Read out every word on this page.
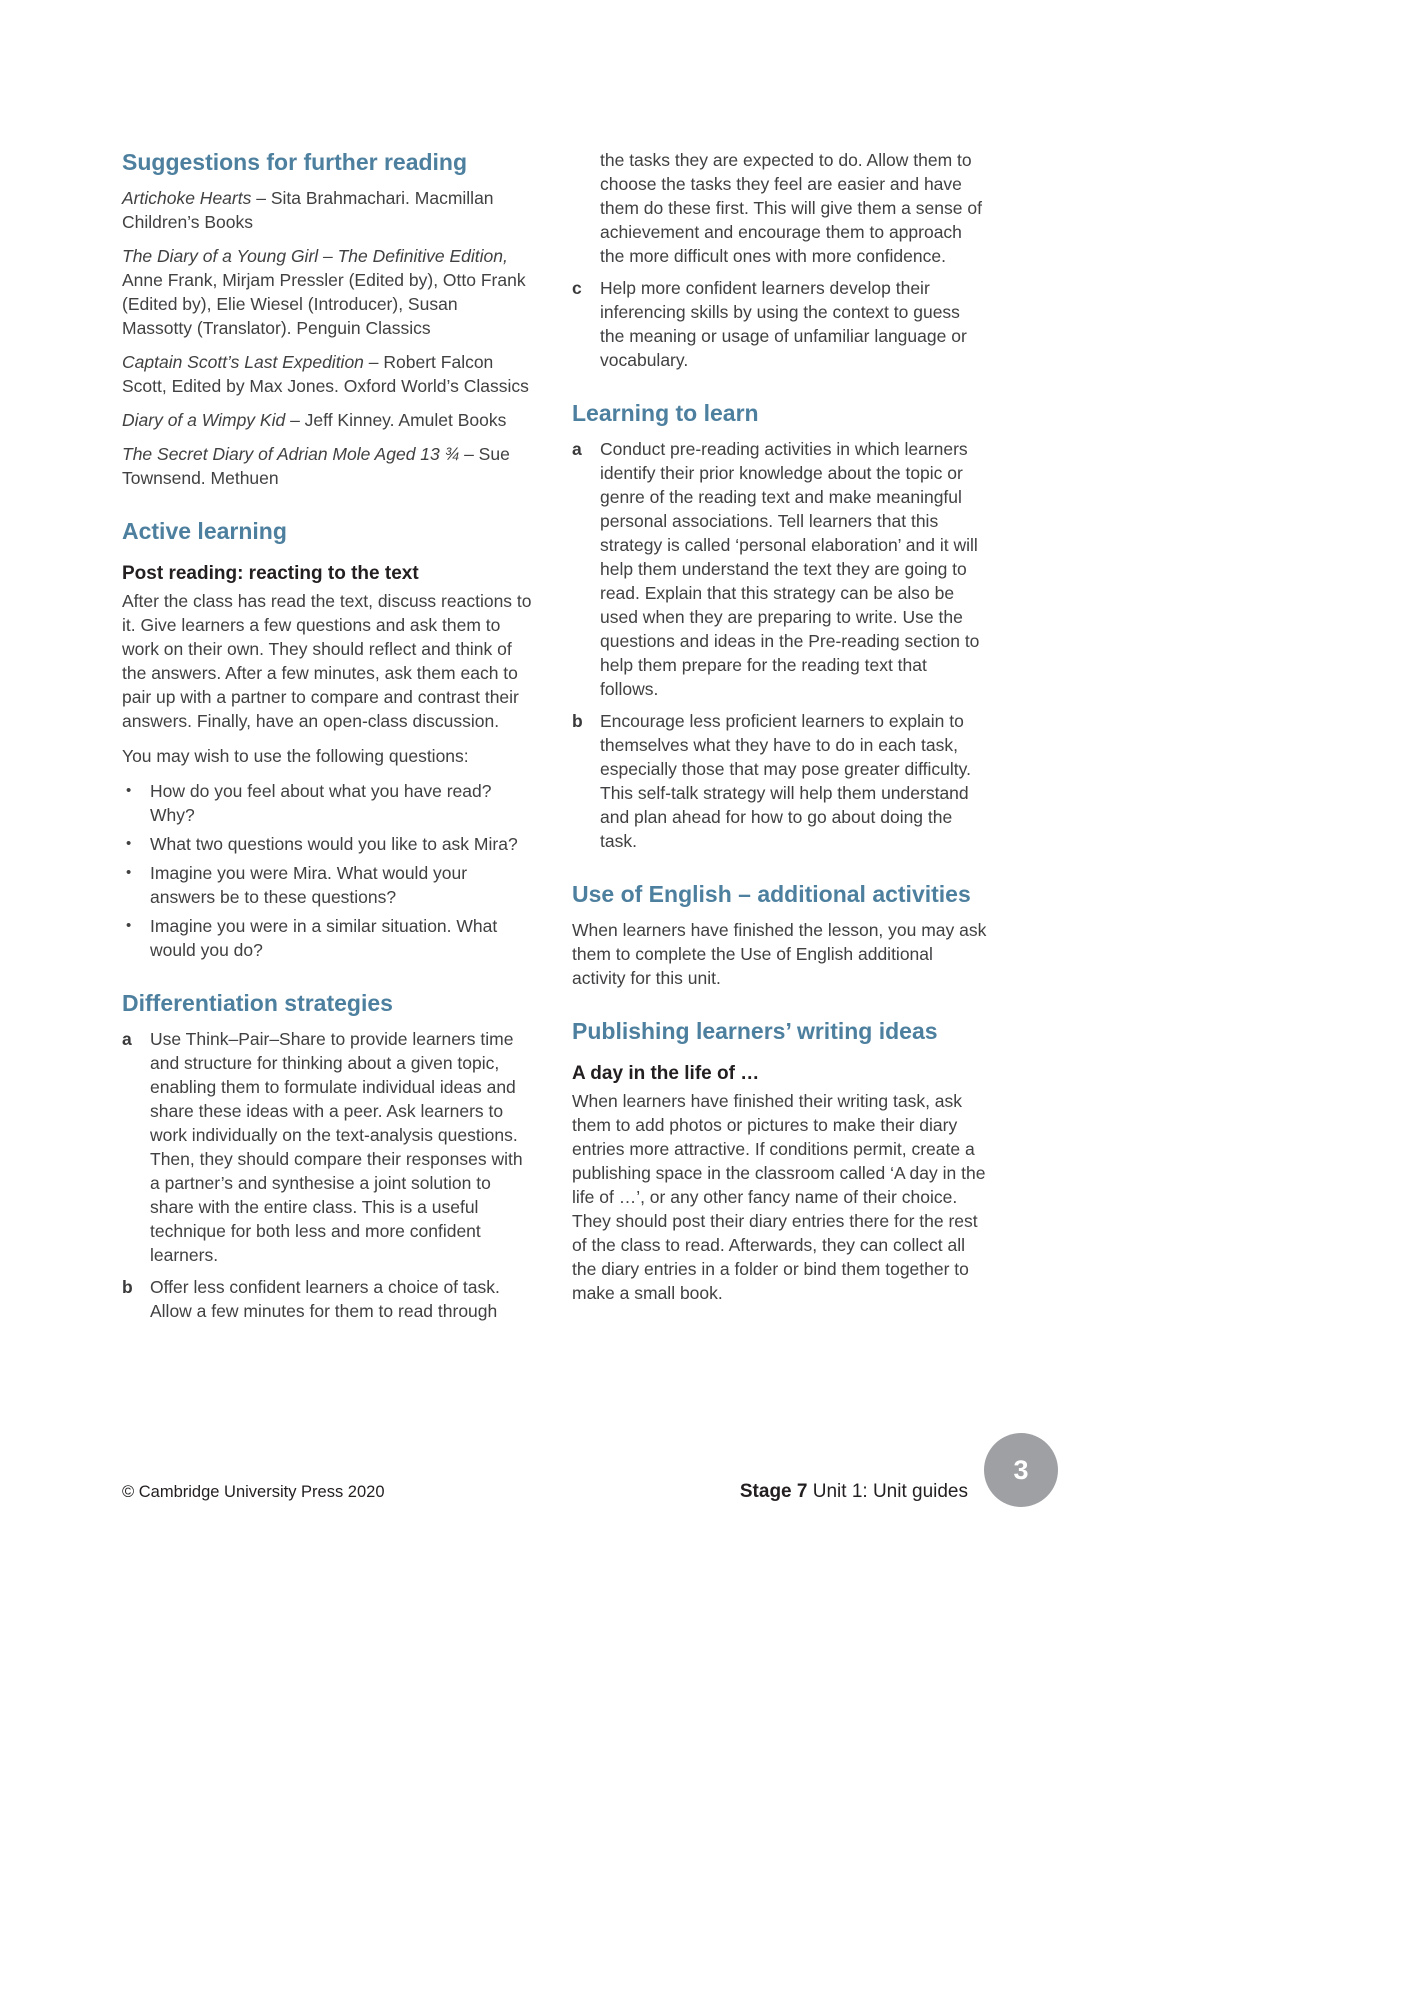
Suggestions for further reading

Artichoke Hearts – Sita Brahmachari. Macmillan Children’s Books

The Diary of a Young Girl – The Definitive Edition, Anne Frank, Mirjam Pressler (Edited by), Otto Frank (Edited by), Elie Wiesel (Introducer), Susan Massotty (Translator). Penguin Classics

Captain Scott’s Last Expedition – Robert Falcon Scott, Edited by Max Jones. Oxford World’s Classics

Diary of a Wimpy Kid – Jeff Kinney. Amulet Books

The Secret Diary of Adrian Mole Aged 13 ¾ – Sue Townsend. Methuen

Active learning
Post reading: reacting to the text

After the class has read the text, discuss reactions to it. Give learners a few questions and ask them to work on their own. They should reflect and think of the answers. After a few minutes, ask them each to pair up with a partner to compare and contrast their answers. Finally, have an open-class discussion.

You may wish to use the following questions:

•	How do you feel about what you have read? Why?
•	What two questions would you like to ask Mira?
•	Imagine you were Mira. What would your answers be to these questions?
•	Imagine you were in a similar situation. What would you do?
Differentiation strategies
a	Use Think–Pair–Share to provide learners time and structure for thinking about a given topic, enabling them to formulate individual ideas and share these ideas with a peer. Ask learners to work individually on the text-analysis questions. Then, they should compare their responses with a partner’s and synthesise a joint solution to share with the entire class. This is a useful technique for both less and more confident learners.
b Offer less confident learners a choice of task. Allow a few minutes for them to read through
the tasks they are expected to do. Allow them to choose the tasks they feel are easier and have them do these first. This will give them a sense of achievement and encourage them to approach the more difficult ones with more confidence.
c	Help more confident learners develop their inferencing skills by using the context to guess the meaning or usage of unfamiliar language or vocabulary.
Learning to learn
a	Conduct pre-reading activities in which learners identify their prior knowledge about the topic or genre of the reading text and make meaningful personal associations. Tell learners that this strategy is called ‘personal elaboration’ and it will help them understand the text they are going to read. Explain that this strategy can be also be used when they are preparing to write. Use the questions and ideas in the Pre-reading section to help them prepare for the reading text that follows.
b Encourage less proficient learners to explain to themselves what they have to do in each task, especially those that may pose greater difficulty. This self-talk strategy will help them understand and plan ahead for how to go about doing the task.
Use of English – additional activities

When learners have finished the lesson, you may ask them to complete the Use of English additional activity for this unit.

Publishing learners’ writing ideas
A day in the life of …

When learners have finished their writing task, ask them to add photos or pictures to make their diary entries more attractive. If conditions permit, create a publishing space in the classroom called ‘A day in the life of …’, or any other fancy name of their choice. They should post their diary entries there for the rest of the class to read. Afterwards, they can collect all the diary entries in a folder or bind them together to make a small book.

© Cambridge University Press 2020	Stage 7 Unit 1: Unit guides
3
